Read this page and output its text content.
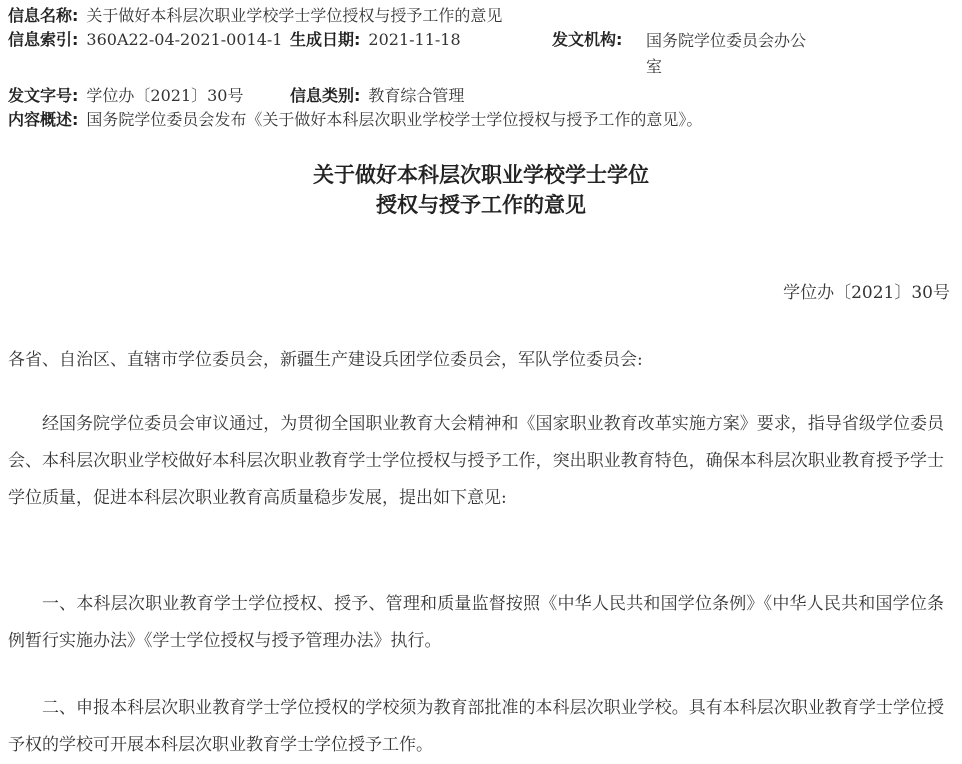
信息名称: 关于做好本科层次职业学校学士学位授权与授予工作的意见
信息索引: 360A22-04-2021-0014-1 生成日期: 2021-11-18	发文机构: 国务院学位委员会办公室
发文字号: 学位办〔2021〕30号	信息类别: 教育综合管理
内容概述: 国务院学位委员会发布《关于做好本科层次职业学校学士学位授权与授予工作的意见》。
关于做好本科层次职业学校学士学位
授权与授予工作的意见
学位办〔2021〕30号
各省、自治区、直辖市学位委员会，新疆生产建设兵团学位委员会，军队学位委员会:
经国务院学位委员会审议通过，为贯彻全国职业教育大会精神和《国家职业教育改革实施方案》要求，指导省级学位委员会、本科层次职业学校做好本科层次职业教育学士学位授权与授予工作，突出职业教育特色，确保本科层次职业教育授予学士学位质量，促进本科层次职业教育高质量稳步发展，提出如下意见:
一、本科层次职业教育学士学位授权、授予、管理和质量监督按照《中华人民共和国学位条例》《中华人民共和国学位条例暂行实施办法》《学士学位授权与授予管理办法》执行。
二、申报本科层次职业教育学士学位授权的学校须为教育部批准的本科层次职业学校。具有本科层次职业教育学士学位授予权的学校可开展本科层次职业教育学士学位授予工作。
